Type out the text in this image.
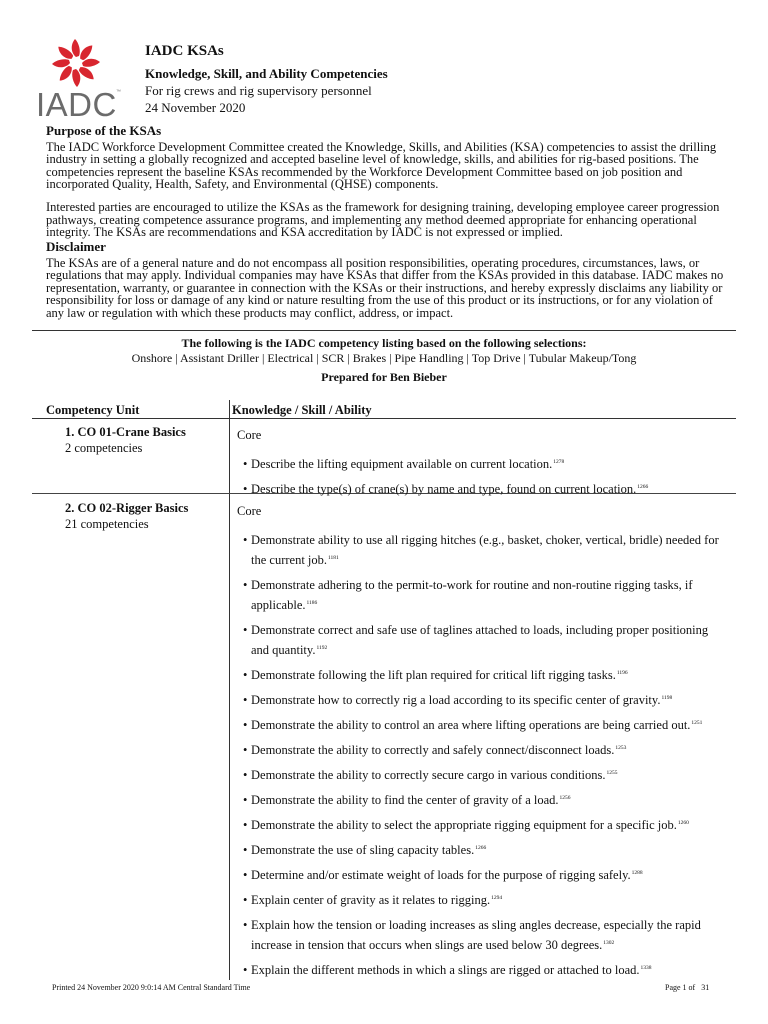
IADC ™
IADC KSAs
Knowledge, Skill, and Ability Competencies
For rig crews and rig supervisory personnel
24 November 2020
Purpose of the KSAs

The IADC Workforce Development Committee created the Knowledge, Skills, and Abilities (KSA) competencies to assist the drilling industry in setting a globally recognized and accepted baseline level of knowledge, skills, and abilities for rig-based positions. The competencies represent the baseline KSAs recommended by the Workforce Development Committee based on job position and incorporated Quality, Health, Safety, and Environmental (QHSE) components.

Interested parties are encouraged to utilize the KSAs as the framework for designing training, developing employee career progression pathways, creating competence assurance programs, and implementing any method deemed appropriate for enhancing operational integrity. The KSAs are recommendations and KSA accreditation by IADC is not expressed or implied.

Disclaimer

The KSAs are of a general nature and do not encompass all position responsibilities, operating procedures, circumstances, laws, or regulations that may apply. Individual companies may have KSAs that differ from the KSAs provided in this database. IADC makes no representation, warranty, or guarantee in connection with the KSAs or their instructions, and hereby expressly disclaims any liability or responsibility for loss or damage of any kind or nature resulting from the use of this product or its instructions, or for any violation of any law or regulation with which these products may conflict, address, or impact.

The following is the IADC competency listing based on the following selections:
Onshore | Assistant Driller | Electrical | SCR | Brakes | Pipe Handling | Top Drive | Tubular Makeup/Tong
Prepared for Ben Bieber
Competency Unit	Knowledge / Skill / Ability
1. CO 01-Crane Basics
2 competencies
Core
• Describe the lifting equipment available on current location.$^{1278}$
• Describe the type(s) of crane(s) by name and type, found on current location.$^{1266}$
2. CO 02-Rigger Basics
21 competencies
Core
• Demonstrate ability to use all rigging hitches (e.g., basket, choker, vertical, bridle) needed for the current job.$^{1181}$
• Demonstrate adhering to the permit-to-work for routine and non-routine rigging tasks, if applicable.$^{1186}$
• Demonstrate correct and safe use of taglines attached to loads, including proper positioning and quantity.$^{1192}$
• Demonstrate following the lift plan required for critical lift rigging tasks.$^{1196}$
• Demonstrate how to correctly rig a load according to its specific center of gravity.$^{1198}$
• Demonstrate the ability to control an area where lifting operations are being carried out.$^{1251}$
• Demonstrate the ability to correctly and safely connect/disconnect loads.$^{1253}$
• Demonstrate the ability to correctly secure cargo in various conditions.$^{1255}$
• Demonstrate the ability to find the center of gravity of a load.$^{1256}$
• Demonstrate the ability to select the appropriate rigging equipment for a specific job.$^{1260}$
• Demonstrate the use of sling capacity tables.$^{1266}$
• Determine and/or estimate weight of loads for the purpose of rigging safely.$^{1288}$
• Explain center of gravity as it relates to rigging.$^{1294}$
• Explain how the tension or loading increases as sling angles decrease, especially the rapid increase in tension that occurs when slings are used below 30 degrees.$^{1302}$
• Explain the different methods in which a slings are rigged or attached to load.$^{1338}$
Printed 24 November 2020 9:0:14 AM Central Standard Time	Page 1 of 31
